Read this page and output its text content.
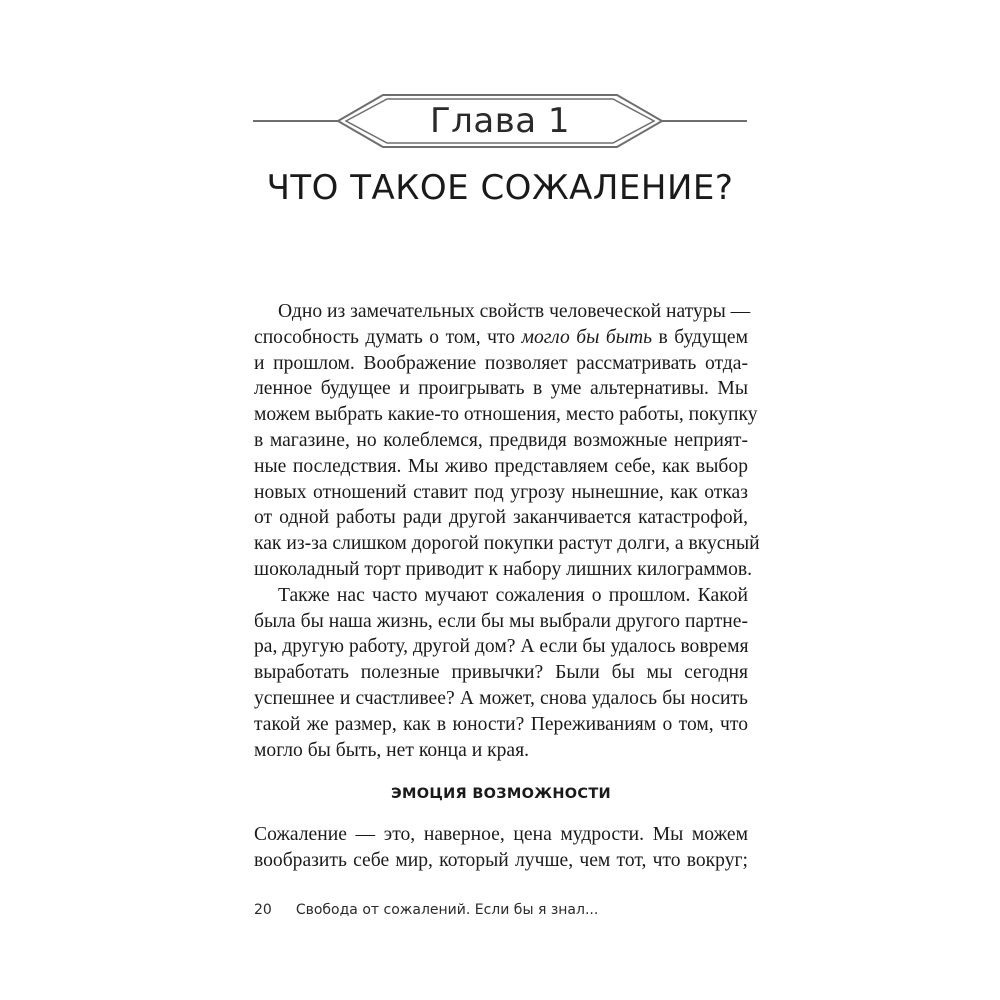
Глава 1
ЧТО ТАКОЕ СОЖАЛЕНИЕ?
Одно из замечательных свойств человеческой натуры —
способность думать о том, что могло бы быть в будущем
и прошлом. Воображение позволяет рассматривать отда-
ленное будущее и проигрывать в уме альтернативы. Мы
можем выбрать какие-то отношения, место работы, покупку
в магазине, но колеблемся, предвидя возможные неприят-
ные последствия. Мы живо представляем себе, как выбор
новых отношений ставит под угрозу нынешние, как отказ
от одной работы ради другой заканчивается катастрофой,
как из-за слишком дорогой покупки растут долги, а вкусный
шоколадный торт приводит к набору лишних килограммов.
Также нас часто мучают сожаления о прошлом. Какой
была бы наша жизнь, если бы мы выбрали другого партне-
ра, другую работу, другой дом? А если бы удалось вовремя
выработать полезные привычки? Были бы мы сегодня
успешнее и счастливее? А может, снова удалось бы носить
такой же размер, как в юности? Переживаниям о том, что
могло бы быть, нет конца и края.
ЭМОЦИЯ ВОЗМОЖНОСТИ
Сожаление — это, наверное, цена мудрости. Мы можем
вообразить себе мир, который лучше, чем тот, что вокруг;
20 Свобода от сожалений. Если бы я знал...
